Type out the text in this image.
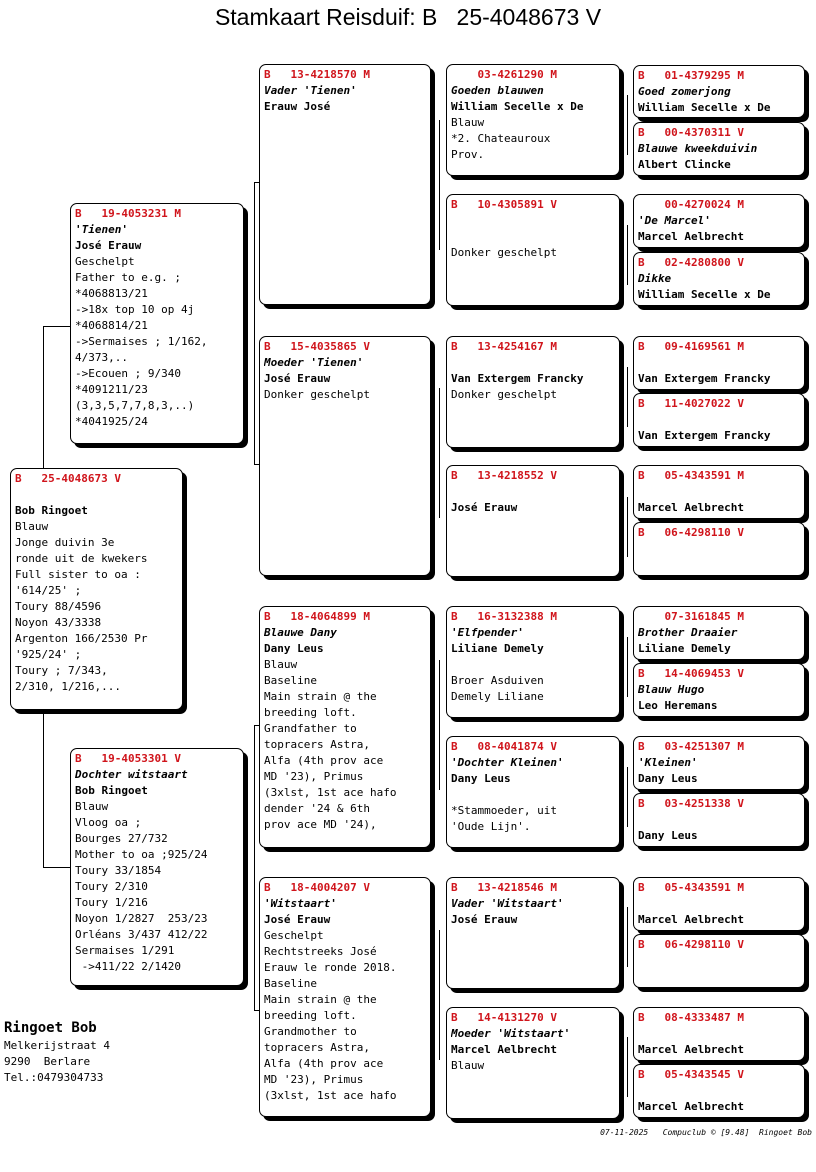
Stamkaart Reisduif: B   25-4048673 V
B   25-4048673 V
Bob Ringoet
Blauw
Jonge duivin 3e
ronde uit de kwekers
Full sister to oa :
'614/25' ;
Toury 88/4596
Noyon 43/3338
Argenton 166/2530 Pr
'925/24' ;
Toury ; 7/343,
2/310, 1/216,...
B   19-4053231 M
'Tienen'
José Erauw
Geschelpt
Father to e.g. ;
*4068813/21
->18x top 10 op 4j
*4068814/21
->Sermaises ; 1/162,
4/373,..
->Ecouen ; 9/340
*4091211/23
(3,3,5,7,7,8,3,..)
*4041925/24
B   19-4053301 V
Dochter witstaart
Bob Ringoet
Blauw
Vloog oa ;
Bourges 27/732
Mother to oa ;925/24
Toury 33/1854
Toury 2/310
Toury 1/216
Noyon 1/2827  253/23
Orléans 3/437 412/22
Sermaises 1/291
->411/22 2/1420
B   13-4218570 M
Vader 'Tienen'
Erauw José
B   15-4035865 V
Moeder 'Tienen'
José Erauw
Donker geschelpt
B   18-4064899 M
Blauwe Dany
Dany Leus
Blauw
Baseline
Main strain @ the
breeding loft.
Grandfather to
topracers Astra,
Alfa (4th prov ace
MD '23), Primus
(3xlst, 1st ace hafo
dender '24 & 6th
prov ace MD '24),
B   18-4004207 V
'Witstaart'
José Erauw
Geschelpt
Rechtstreeks José
Erauw le ronde 2018.
Baseline
Main strain @ the
breeding loft.
Grandmother to
topracers Astra,
Alfa (4th prov ace
MD '23), Primus
(3xlst, 1st ace hafo
03-4261290 M
Goeden blauwen
William Secelle x De
Blauw
*2. Chateauroux
Prov.
B   10-4305891 V
Donker geschelpt
B   13-4254167 M
Van Extergem Francky
Donker geschelpt
B   13-4218552 V
José Erauw
B   16-3132388 M
'Elfpender'
Liliane Demely
Broer Asduiven
Demely Liliane
B   08-4041874 V
'Dochter Kleinen'
Dany Leus
*Stammoeder, uit
'Oude Lijn'.
B   13-4218546 M
Vader 'Witstaart'
José Erauw
B   14-4131270 V
Moeder 'Witstaart'
Marcel Aelbrecht
Blauw
B   01-4379295 M
Goed zomerjong
William Secelle x De
B   00-4370311 V
Blauwe kweekduivin
Albert Clincke
00-4270024 M
'De Marcel'
Marcel Aelbrecht
B   02-4280800 V
Dikke
William Secelle x De
B   09-4169561 M
Van Extergem Francky
B   11-4027022 V
Van Extergem Francky
B   05-4343591 M
Marcel Aelbrecht
B   06-4298110 V
07-3161845 M
Brother Draaier
Liliane Demely
B   14-4069453 V
Blauw Hugo
Leo Heremans
B   03-4251307 M
'Kleinen'
Dany Leus
B   03-4251338 V
Dany Leus
B   05-4343591 M
Marcel Aelbrecht
B   06-4298110 V
B   08-4333487 M
Marcel Aelbrecht
B   05-4343545 V
Marcel Aelbrecht
Ringoet Bob
Melkerijstraat 4
9290  Berlare
Tel.:0479304733
07-11-2025   Compuclub © [9.48]  Ringoet Bob
